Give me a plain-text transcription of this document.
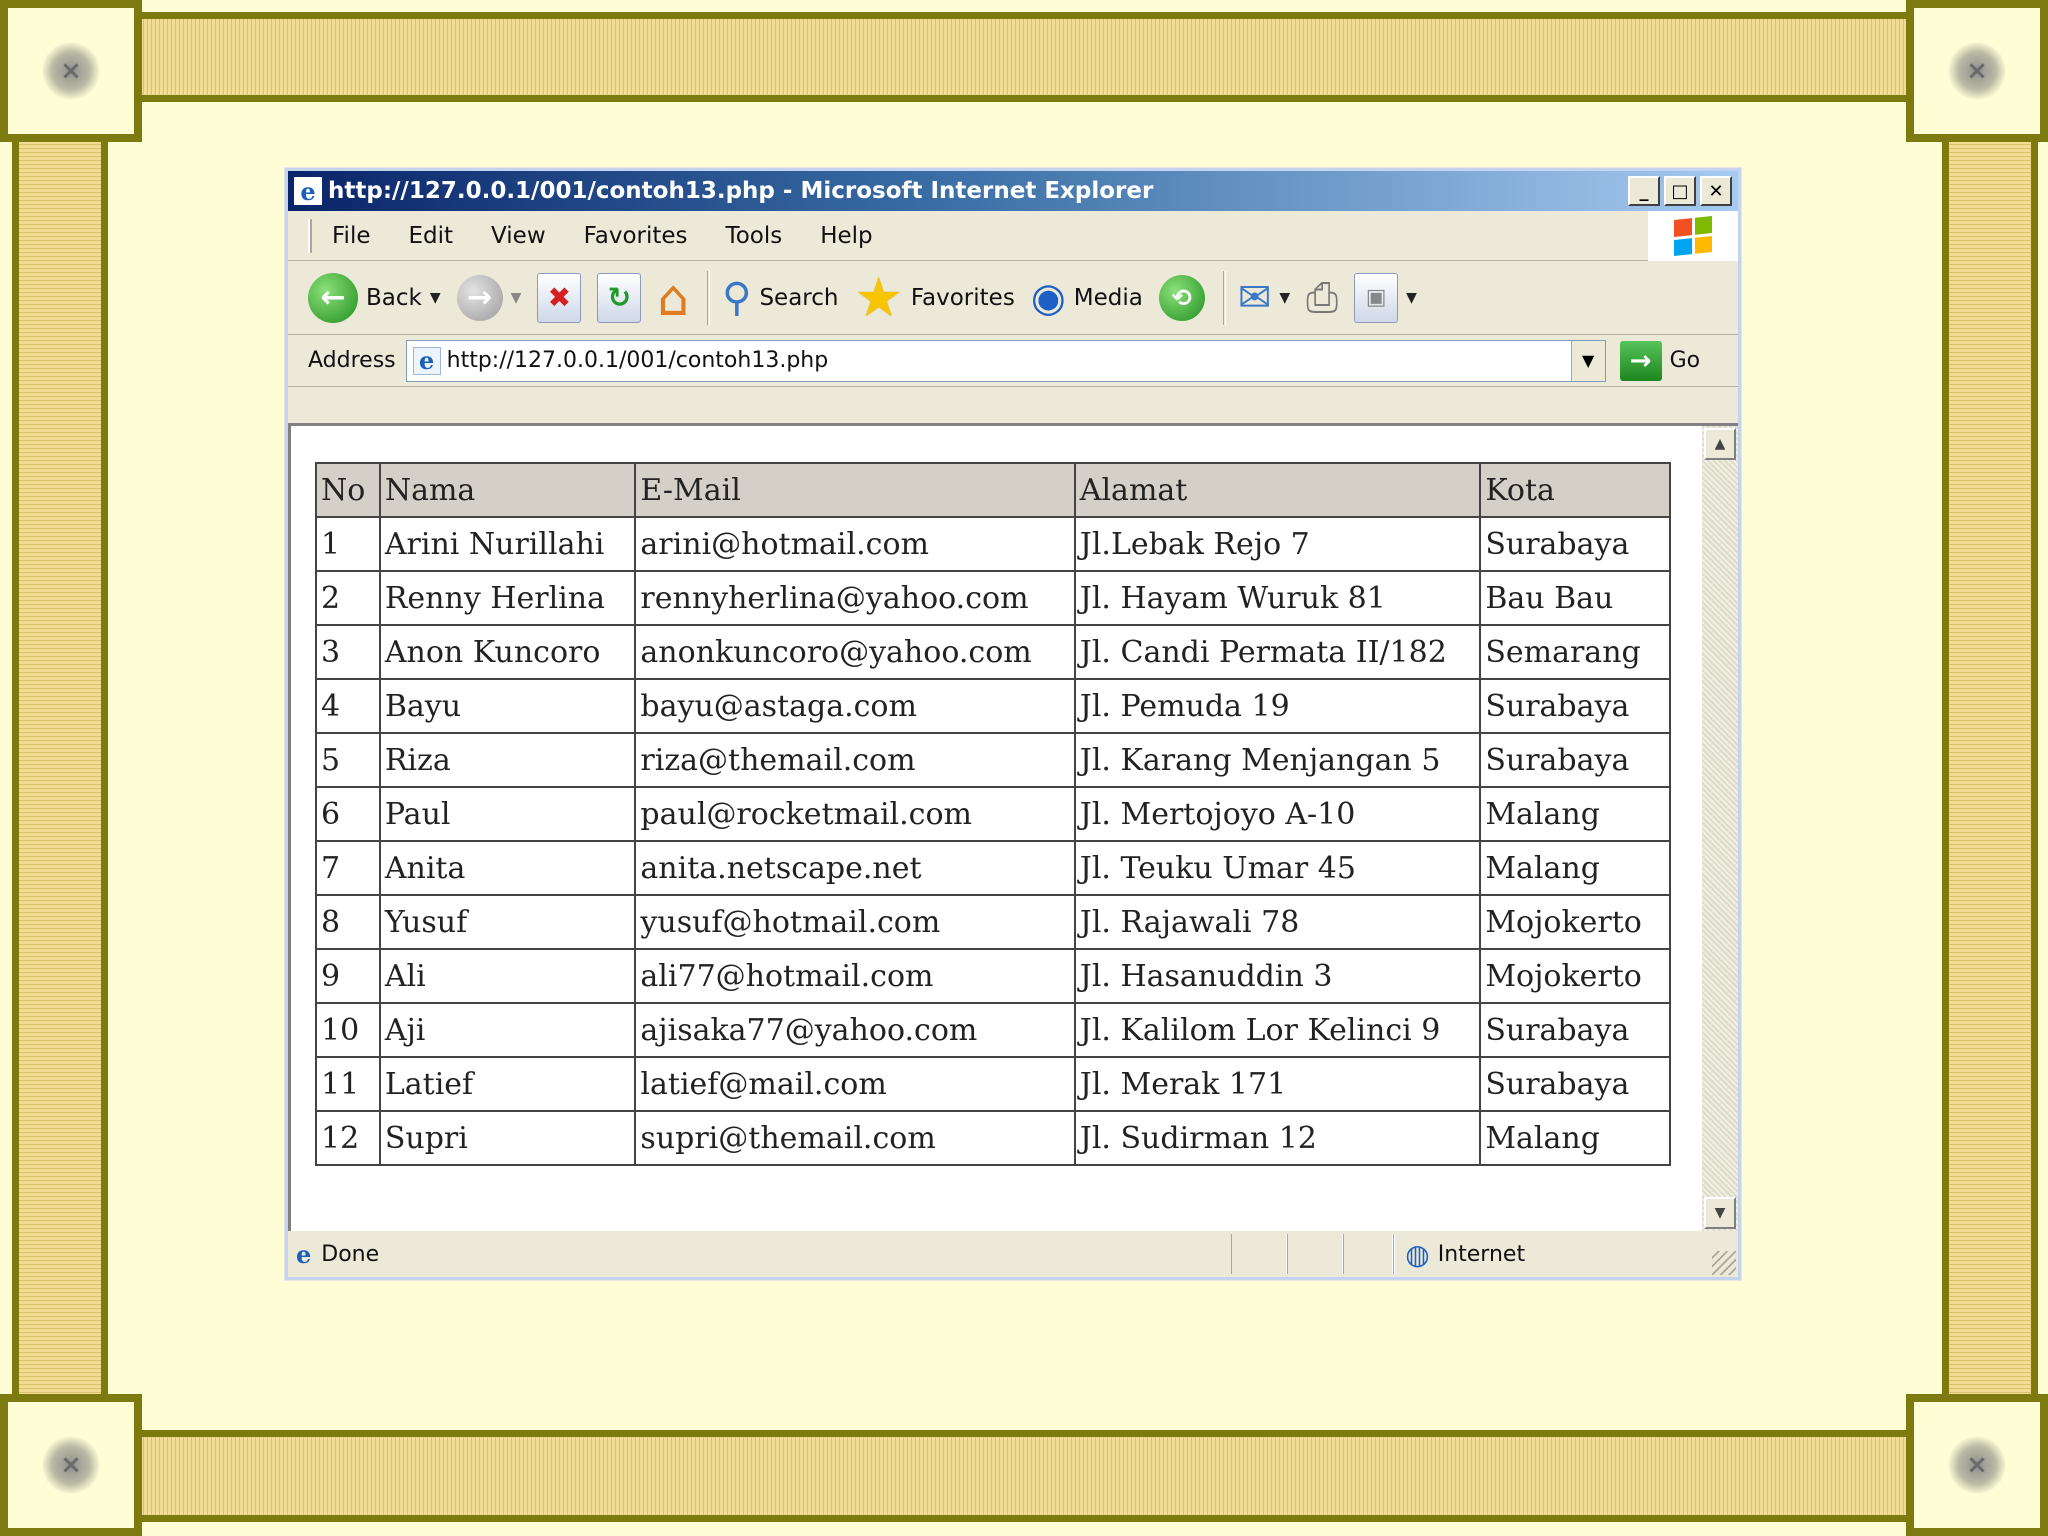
×	×
×	×
e http://127.0.0.1/001/contoh13.php - Microsoft Internet Explorer	_	□	✕
File Edit View Favorites Tools Help
← Back ▼ →	▼ ✖	↻ ⌂ ⚲ Search ★ Favorites ◉ Media	⟲	✉ ▼ ⎙	▣	▼
Address e
http://127.0.0.1/001/contoh13.php	▼	→ Go
No	Nama	E-Mail	Alamat	Kota
1	Arini Nurillahi	arini@hotmail.com	Jl.Lebak Rejo 7	Surabaya
2	Renny Herlina	rennyherlina@yahoo.com	Jl. Hayam Wuruk 81	Bau Bau
3	Anon Kuncoro	anonkuncoro@yahoo.com	Jl. Candi Permata II/182	Semarang
4	Bayu	bayu@astaga.com	Jl. Pemuda 19	Surabaya
5	Riza	riza@themail.com	Jl. Karang Menjangan 5	Surabaya
6	Paul	paul@rocketmail.com	Jl. Mertojoyo A-10	Malang
7	Anita	anita.netscape.net	Jl. Teuku Umar 45	Malang
8	Yusuf	yusuf@hotmail.com	Jl. Rajawali 78	Mojokerto
9	Ali	ali77@hotmail.com	Jl. Hasanuddin 3	Mojokerto
10	Aji	ajisaka77@yahoo.com	Jl. Kalilom Lor Kelinci 9	Surabaya
11	Latief	latief@mail.com	Jl. Merak 171	Surabaya
12	Supri	supri@themail.com	Jl. Sudirman 12	Malang
▲
▼
e Done	◍ Internet
